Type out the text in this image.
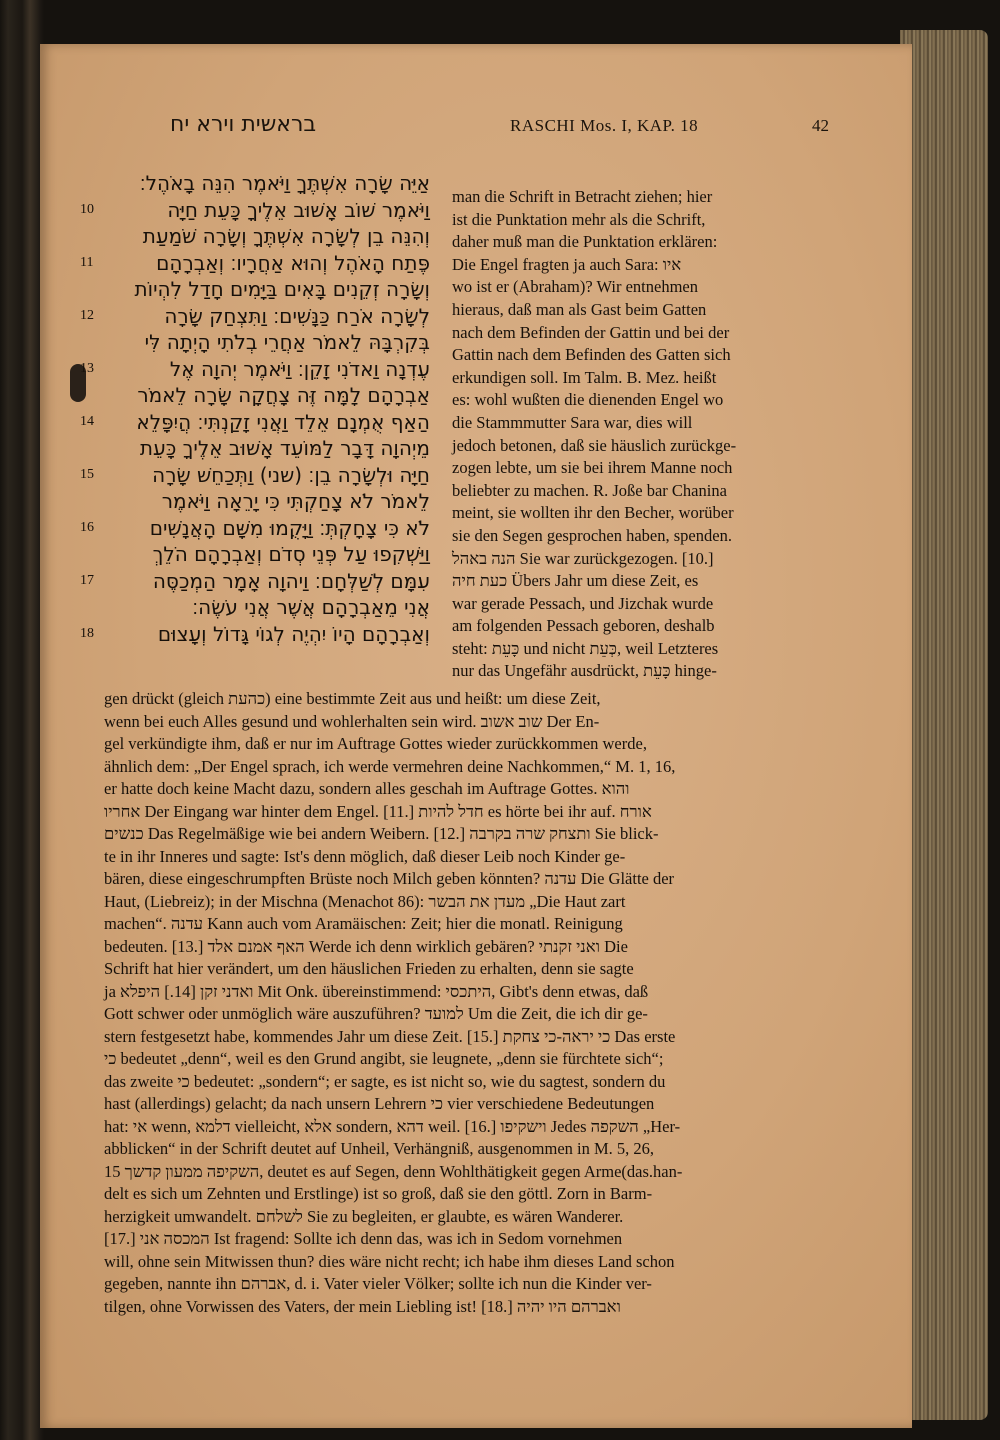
בראשית וירא יח	RASCHI Mos. I, KAP. 18	42
אַיֵּה שָׂרָה אִשְׁתֶּךָ וַיֹּאמֶר הִנֵּה בָאֹהֶל׃
10	וַיֹּאמֶר שׁוֹב אָשׁוּב אֵלֶיךָ כָּעֵת חַיָּה
וְהִנֵּה בֵן לְשָׂרָה אִשְׁתֶּךָ וְשָׂרָה שֹׁמַעַת
11	פֶּתַח הָאֹהֶל וְהוּא אַחֲרָיו׃ וְאַבְרָהָם
וְשָׂרָה זְקֵנִים בָּאִים בַּיָּמִים חָדַל לִהְיוֹת
12	לְשָׂרָה אֹרַח כַּנָּשִׁים׃ וַתִּצְחַק שָׂרָה
בְּקִרְבָּהּ לֵאמֹר אַחֲרֵי בְלֹתִי הָיְתָה לִּי
13	עֶדְנָה וַאדֹנִי זָקֵן׃ וַיֹּאמֶר יְהוָה אֶל
אַבְרָהָם לָמָּה זֶּה צָחֲקָה שָׂרָה לֵאמֹר
14 הַאַף אֻמְנָם אֵלֵד וַאֲנִי זָקַנְתִּי׃ הֲיִפָּלֵא
מֵיְהוָה דָּבָר לַמּוֹעֵד אָשׁוּב אֵלֶיךָ כָּעֵת
15	חַיָּה וּלְשָׂרָה בֵן׃ (שני) וַתְּכַחֵשׁ שָׂרָה
לֵאמֹר לֹא צָחַקְתִּי כִּי יָרֵאָה וַיֹּאמֶר
16	לֹא כִּי צָחָקְתְּ׃ וַיָּקֻמוּ מִשָּׁם הָאֲנָשִׁים
וַיַּשְׁקִפוּ עַל פְּנֵי סְדֹם וְאַבְרָהָם הֹלֵךְ
17	עִמָּם לְשַׁלְּחָם׃ וַיהוָה אָמָר הַמְכַסֶּה
אֲנִי מֵאַבְרָהָם אֲשֶׁר אֲנִי עֹשֶׂה׃
18	וְאַבְרָהָם הָיוֹ יִהְיֶה לְגוֹי גָּדוֹל וְעָצוּם
man die Schrift in Betracht ziehen; hier
ist die Punktation mehr als die Schrift,
daher muß man die Punktation erklären:
Die Engel fragten ja auch Sara: איו
wo ist er (Abraham)? Wir entnehmen
hieraus, daß man als Gast beim Gatten
nach dem Befinden der Gattin und bei der
Gattin nach dem Befinden des Gatten sich
erkundigen soll. Im Talm. B. Mez. heißt
es: wohl wußten die dienenden Engel wo
die Stammmutter Sara war, dies will
jedoch betonen, daß sie häuslich zurückge-
zogen lebte, um sie bei ihrem Manne noch
beliebter zu machen. R. Joße bar Chanina
meint, sie wollten ihr den Becher, worüber
sie den Segen gesprochen haben, spenden.
הנה באהל Sie war zurückgezogen. [10.]
כעת חיה Übers Jahr um diese Zeit, es
war gerade Pessach, und Jizchak wurde
am folgenden Pessach geboren, deshalb
steht: כָּעֵת und nicht כְּעֵת, weil Letzteres
nur das Ungefähr ausdrückt, כָּעֵת hinge-
gen drückt (gleich כהעת) eine bestimmte Zeit aus und heißt: um diese Zeit,
wenn bei euch Alles gesund und wohlerhalten sein wird. שוב אשוב Der En-
gel verkündigte ihm, daß er nur im Auftrage Gottes wieder zurückkommen werde,
ähnlich dem: „Der Engel sprach, ich werde vermehren deine Nachkommen,“ M. 1, 16,
er hatte doch keine Macht dazu, sondern alles geschah im Auftrage Gottes. והוא
אחריו Der Eingang war hinter dem Engel. [11.] חדל להיות es hörte bei ihr auf. אורח
כנשים Das Regelmäßige wie bei andern Weibern. [12.] ותצחק שרה בקרבה Sie blick-
te in ihr Inneres und sagte: Ist's denn möglich, daß dieser Leib noch Kinder ge-
bären, diese eingeschrumpften Brüste noch Milch geben könnten? עדנה Die Glätte der
Haut, (Liebreiz); in der Mischna (Menachot 86): מעדן את הבשר „Die Haut zart
machen“. עדנה Kann auch vom Aramäischen: Zeit; hier die monatl. Reinigung
bedeuten. [13.] האף אמנם אלד Werde ich denn wirklich gebären? ואני זקנתי Die
Schrift hat hier verändert, um den häuslichen Frieden zu erhalten, denn sie sagte
ja ואדני זקן [14.] היפלא Mit Onk. übereinstimmend: היתכסי, Gibt's denn etwas, daß
Gott schwer oder unmöglich wäre auszuführen? למועד Um die Zeit, die ich dir ge-
stern festgesetzt habe, kommendes Jahr um diese Zeit. [15.] כי יראה-כי צחקת Das erste
כי bedeutet „denn“, weil es den Grund angibt, sie leugnete, „denn sie fürchtete sich“;
das zweite כי bedeutet: „sondern“; er sagte, es ist nicht so, wie du sagtest, sondern du
hast (allerdings) gelacht; da nach unsern Lehrern כי vier verschiedene Bedeutungen
hat: אי wenn, דלמא vielleicht, אלא sondern, דהא weil. [16.] וישקיפו Jedes השקפה „Her-
abblicken“ in der Schrift deutet auf Unheil, Verhängniß, ausgenommen in M. 5, 26,
15 השקיפה ממעון קדשך, deutet es auf Segen, denn Wohlthätigkeit gegen Arme(das.han-
delt es sich um Zehnten und Erstlinge) ist so groß, daß sie den göttl. Zorn in Barm-
herzigkeit umwandelt. לשלחם Sie zu begleiten, er glaubte, es wären Wanderer.
[17.] המכסה אני Ist fragend: Sollte ich denn das, was ich in Sedom vornehmen
will, ohne sein Mitwissen thun? dies wäre nicht recht; ich habe ihm dieses Land schon
gegeben, nannte ihn אברהם, d. i. Vater vieler Völker; sollte ich nun die Kinder ver-
tilgen, ohne Vorwissen des Vaters, der mein Liebling ist! [18.] ואברהם היו יהיה
